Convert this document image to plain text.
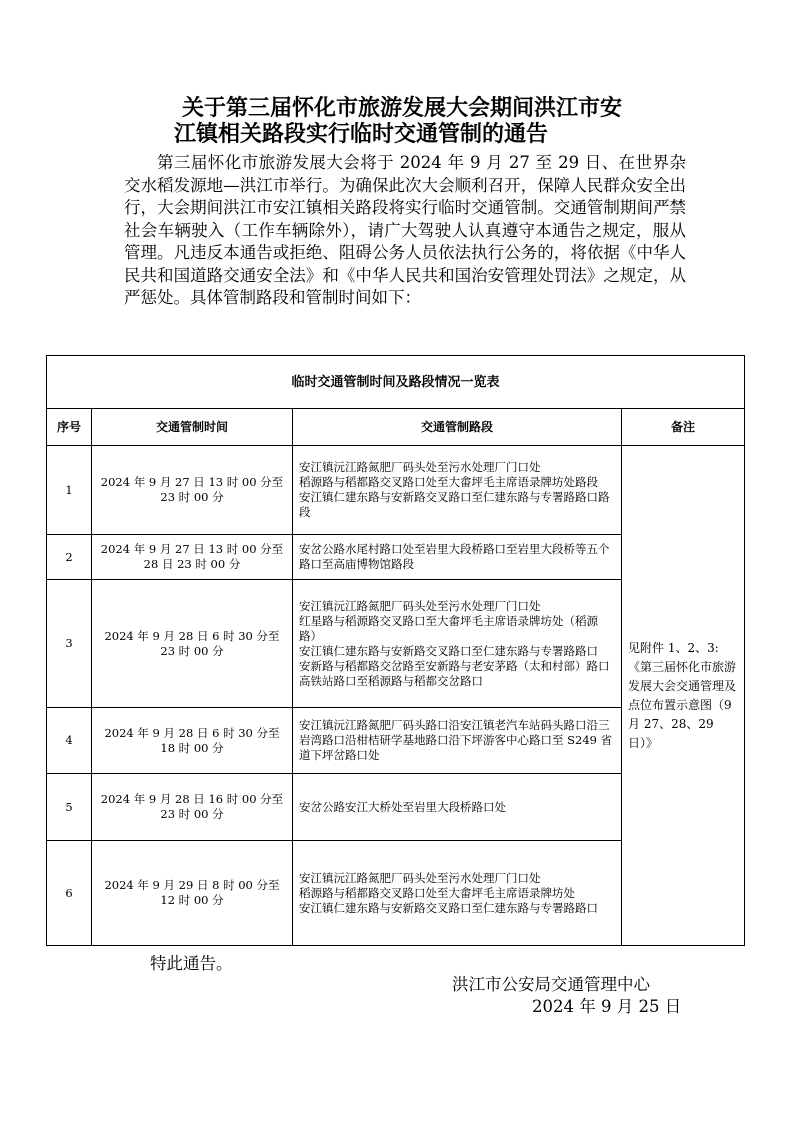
关于第三届怀化市旅游发展大会期间洪江市安
江镇相关路段实行临时交通管制的通告

第三届怀化市旅游发展大会将于 2024 年 9 月 27 至 29 日、在世界杂交水稻发源地—洪江市举行。为确保此次大会顺利召开，保障人民群众安全出行，大会期间洪江市安江镇相关路段将实行临时交通管制。交通管制期间严禁社会车辆驶入（工作车辆除外），请广大驾驶人认真遵守本通告之规定，服从管理。凡违反本通告或拒绝、阻碍公务人员依法执行公务的，将依据《中华人民共和国道路交通安全法》和《中华人民共和国治安管理处罚法》之规定，从严惩处。具体管制路段和管制时间如下：

临时交通管制时间及路段情况一览表			
序号	交通管制时间	交通管制路段	备注
1	2024 年 9 月 27 日 13 时 00 分至 23 时 00 分	安江镇沅江路氮肥厂码头处至污水处理厂门口处
稻源路与稻都路交叉路口处至大畬坪毛主席语录牌坊处路段
安江镇仁建东路与安新路交叉路口至仁建东路与专署路路口路段	见附件 1、2、3:《第三届怀化市旅游发展大会交通管理及点位布置示意图（9 月 27、28、29 日）》
2	2024 年 9 月 27 日 13 时 00 分至 28 日 23 时 00 分	安岔公路水尾村路口处至岩里大段桥路口至岩里大段桥等五个路口至高庙博物馆路段	

3	2024 年 9 月 28 日 6 时 30 分至 23 时 00 分	安江镇沅江路氮肥厂码头处至污水处理厂门口处
红星路与稻源路交叉路口至大畬坪毛主席语录牌坊处（稻源路）
安江镇仁建东路与安新路交叉路口至仁建东路与专署路路口
安新路与稻都路交岔路至安新路与老安茅路（太和村部）路口
高铁站路口至稻源路与稻都交岔路口	

4	2024 年 9 月 28 日 6 时 30 分至 18 时 00 分	安江镇沅江路氮肥厂码头路口沿安江镇老汽车站码头路口沿三岩湾路口沿柑桔研学基地路口沿下坪游客中心路口至 S249 省道下坪岔路口处	

5	2024 年 9 月 28 日 16 时 00 分至 23 时 00 分	安岔公路安江大桥处至岩里大段桥路口处	

6	2024 年 9 月 29 日 8 时 00 分至 12 时 00 分	安江镇沅江路氮肥厂码头处至污水处理厂门口处
稻源路与稻都路交叉路口处至大畬坪毛主席语录牌坊处
安江镇仁建东路与安新路交叉路口至仁建东路与专署路路口	
特此通告。
洪江市公安局交通管理中心
2024 年 9 月 25 日
